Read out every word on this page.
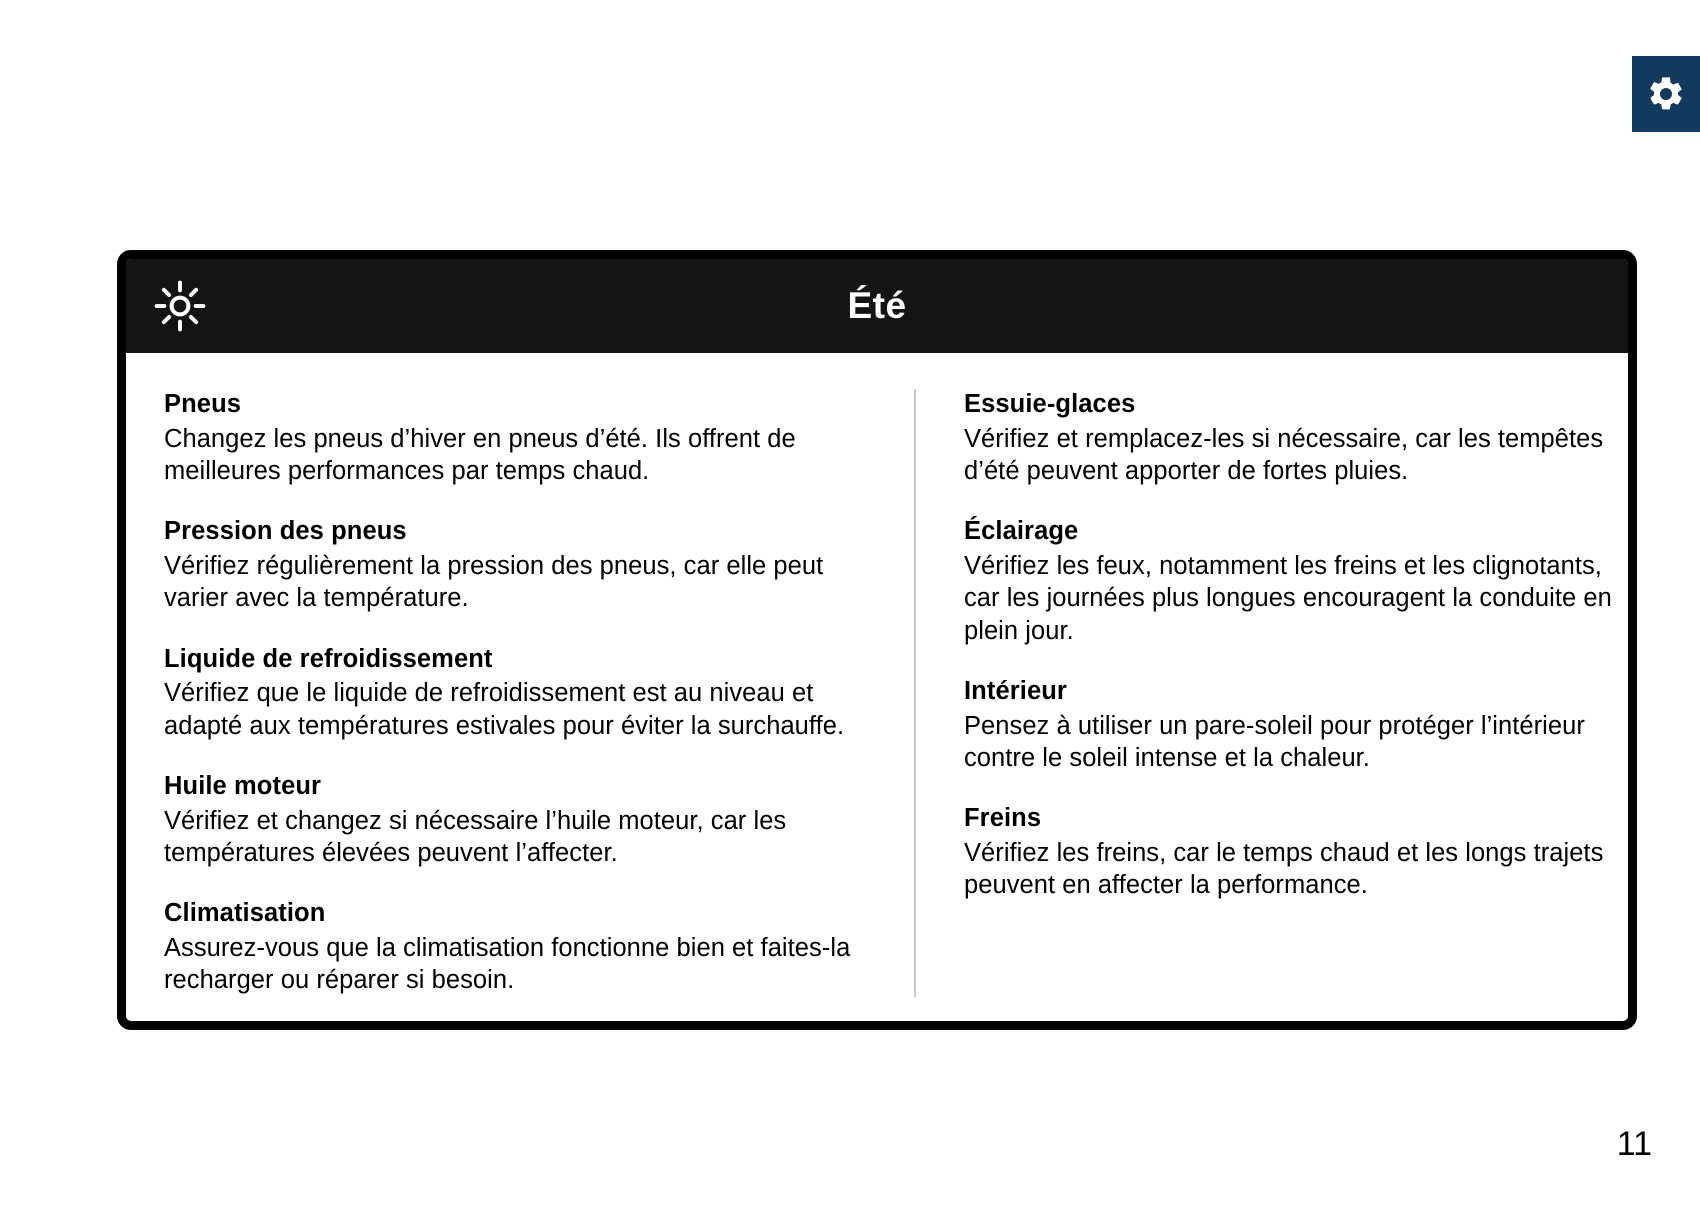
Été
Pneus

Changez les pneus d’hiver en pneus d’été. Ils offrent de meilleures performances par temps chaud.

Pression des pneus

Vérifiez régulièrement la pression des pneus, car elle peut varier avec la température.

Liquide de refroidissement

Vérifiez que le liquide de refroidissement est au niveau et adapté aux températures estivales pour éviter la surchauffe.

Huile moteur

Vérifiez et changez si nécessaire l’huile moteur, car les températures élevées peuvent l’affecter.

Climatisation

Assurez-vous que la climatisation fonctionne bien et faites-la recharger ou réparer si besoin.

Essuie-glaces

Vérifiez et remplacez-les si nécessaire, car les tempêtes d’été peuvent apporter de fortes pluies.

Éclairage

Vérifiez les feux, notamment les freins et les clignotants, car les journées plus longues encouragent la conduite en plein jour.

Intérieur

Pensez à utiliser un pare-soleil pour protéger l’intérieur contre le soleil intense et la chaleur.

Freins

Vérifiez les freins, car le temps chaud et les longs trajets peuvent en affecter la performance.

11
